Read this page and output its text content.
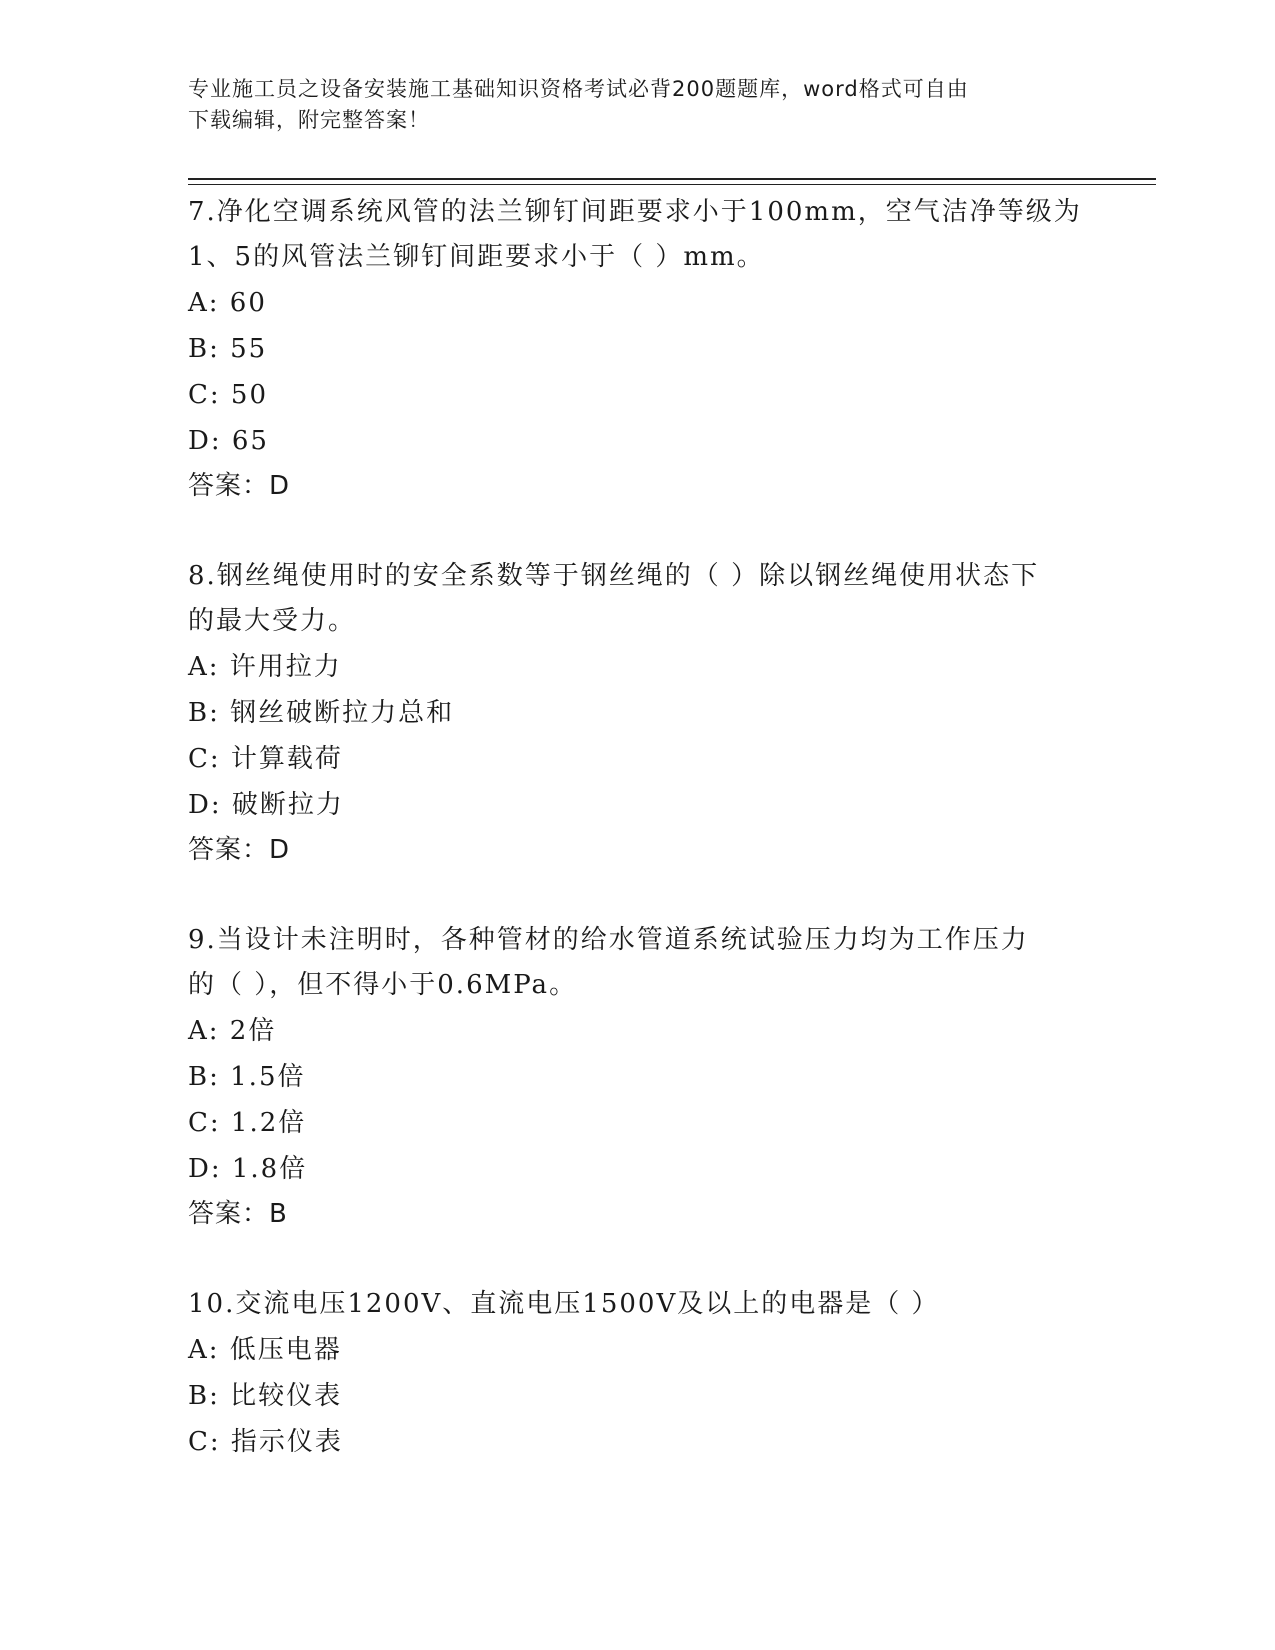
专业施工员之设备安装施工基础知识资格考试必背200题题库，word格式可自由
下载编辑，附完整答案！
7.净化空调系统风管的法兰铆钉间距要求小于100mm，空气洁净等级为
1、5的风管法兰铆钉间距要求小于（ ）mm。
A: 60
B: 55
C: 50
D: 65
答案：D
8.钢丝绳使用时的安全系数等于钢丝绳的（ ）除以钢丝绳使用状态下
的最大受力。
A: 许用拉力
B: 钢丝破断拉力总和
C: 计算载荷
D: 破断拉力
答案：D
9.当设计未注明时，各种管材的给水管道系统试验压力均为工作压力
的（ ），但不得小于0.6MPa。
A: 2倍
B: 1.5倍
C: 1.2倍
D: 1.8倍
答案：B
10.交流电压1200V、直流电压1500V及以上的电器是（ ）
A: 低压电器
B: 比较仪表
C: 指示仪表
